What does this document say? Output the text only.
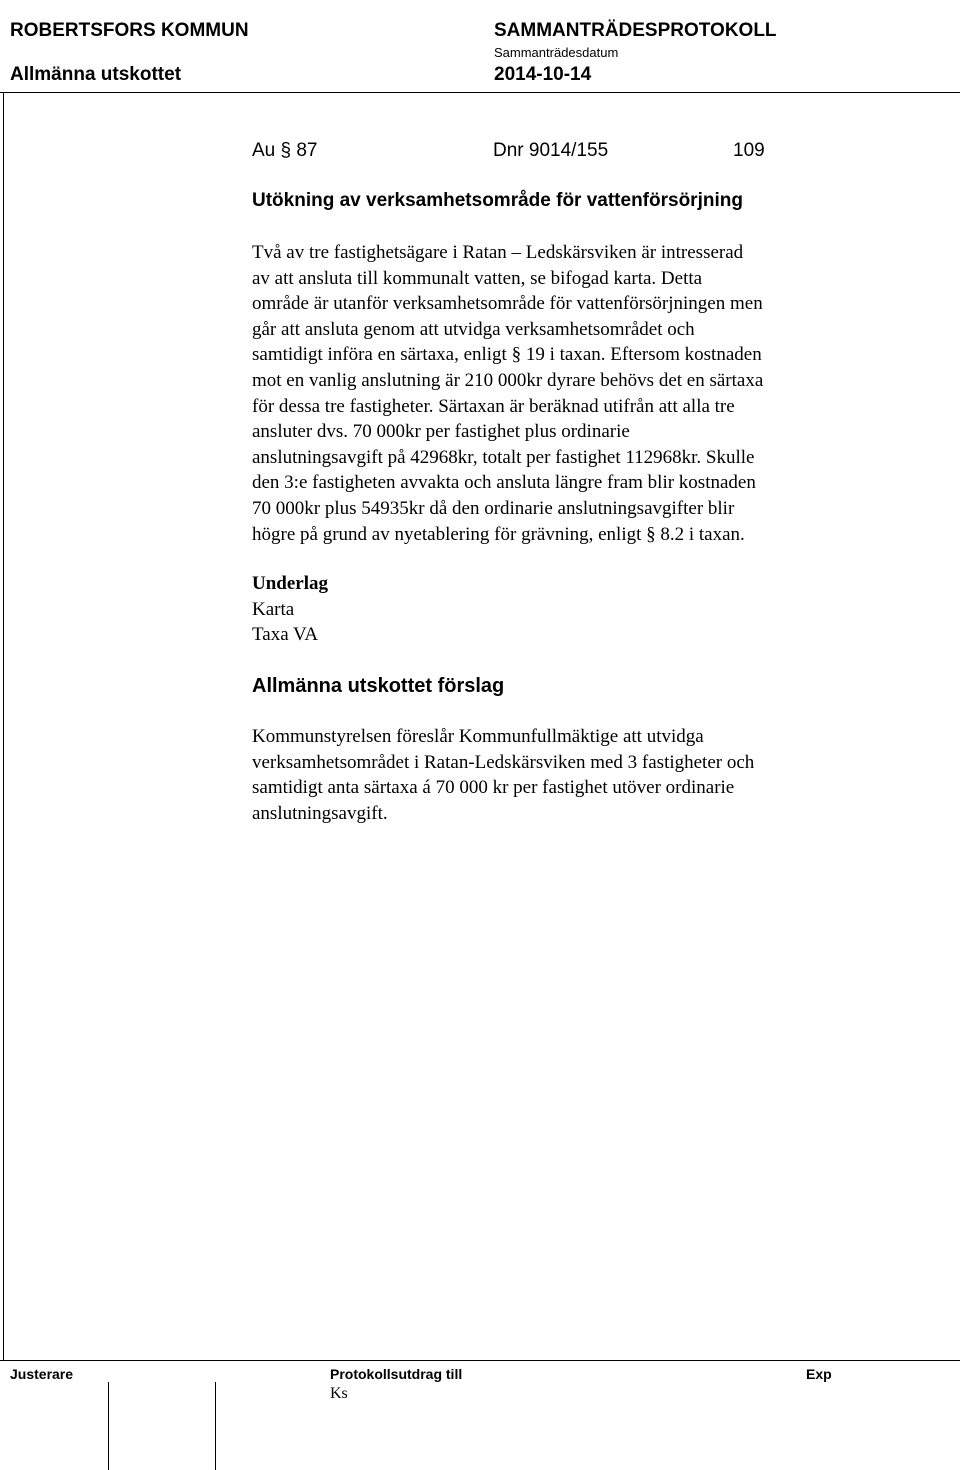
ROBERTSFORS KOMMUN	SAMMANTRÄDESPROTOKOLL
Sammanträdesdatum
Allmänna utskottet	2014-10-14
Au § 87	Dnr 9014/155	109
Utökning av verksamhetsområde för vattenförsörjning
Två av tre fastighetsägare i Ratan – Ledskärsviken är intresserad
av att ansluta till kommunalt vatten, se bifogad karta. Detta
område är utanför verksamhetsområde för vattenförsörjningen men
går att ansluta genom att utvidga verksamhetsområdet och
samtidigt införa en särtaxa, enligt § 19 i taxan. Eftersom kostnaden
mot en vanlig anslutning är 210 000kr dyrare behövs det en särtaxa
för dessa tre fastigheter. Särtaxan är beräknad utifrån att alla tre
ansluter dvs. 70 000kr per fastighet plus ordinarie
anslutningsavgift på 42968kr, totalt per fastighet 112968kr. Skulle
den 3:e fastigheten avvakta och ansluta längre fram blir kostnaden
70 000kr plus 54935kr då den ordinarie anslutningsavgifter blir
högre på grund av nyetablering för grävning, enligt § 8.2 i taxan.
Underlag
Karta
Taxa VA
Allmänna utskottet förslag
Kommunstyrelsen föreslår Kommunfullmäktige att utvidga
verksamhetsområdet i Ratan-Ledskärsviken med 3 fastigheter och
samtidigt anta särtaxa á 70 000 kr per fastighet utöver ordinarie
anslutningsavgift.
Justerare	Protokollsutdrag till
Ks
Exp
